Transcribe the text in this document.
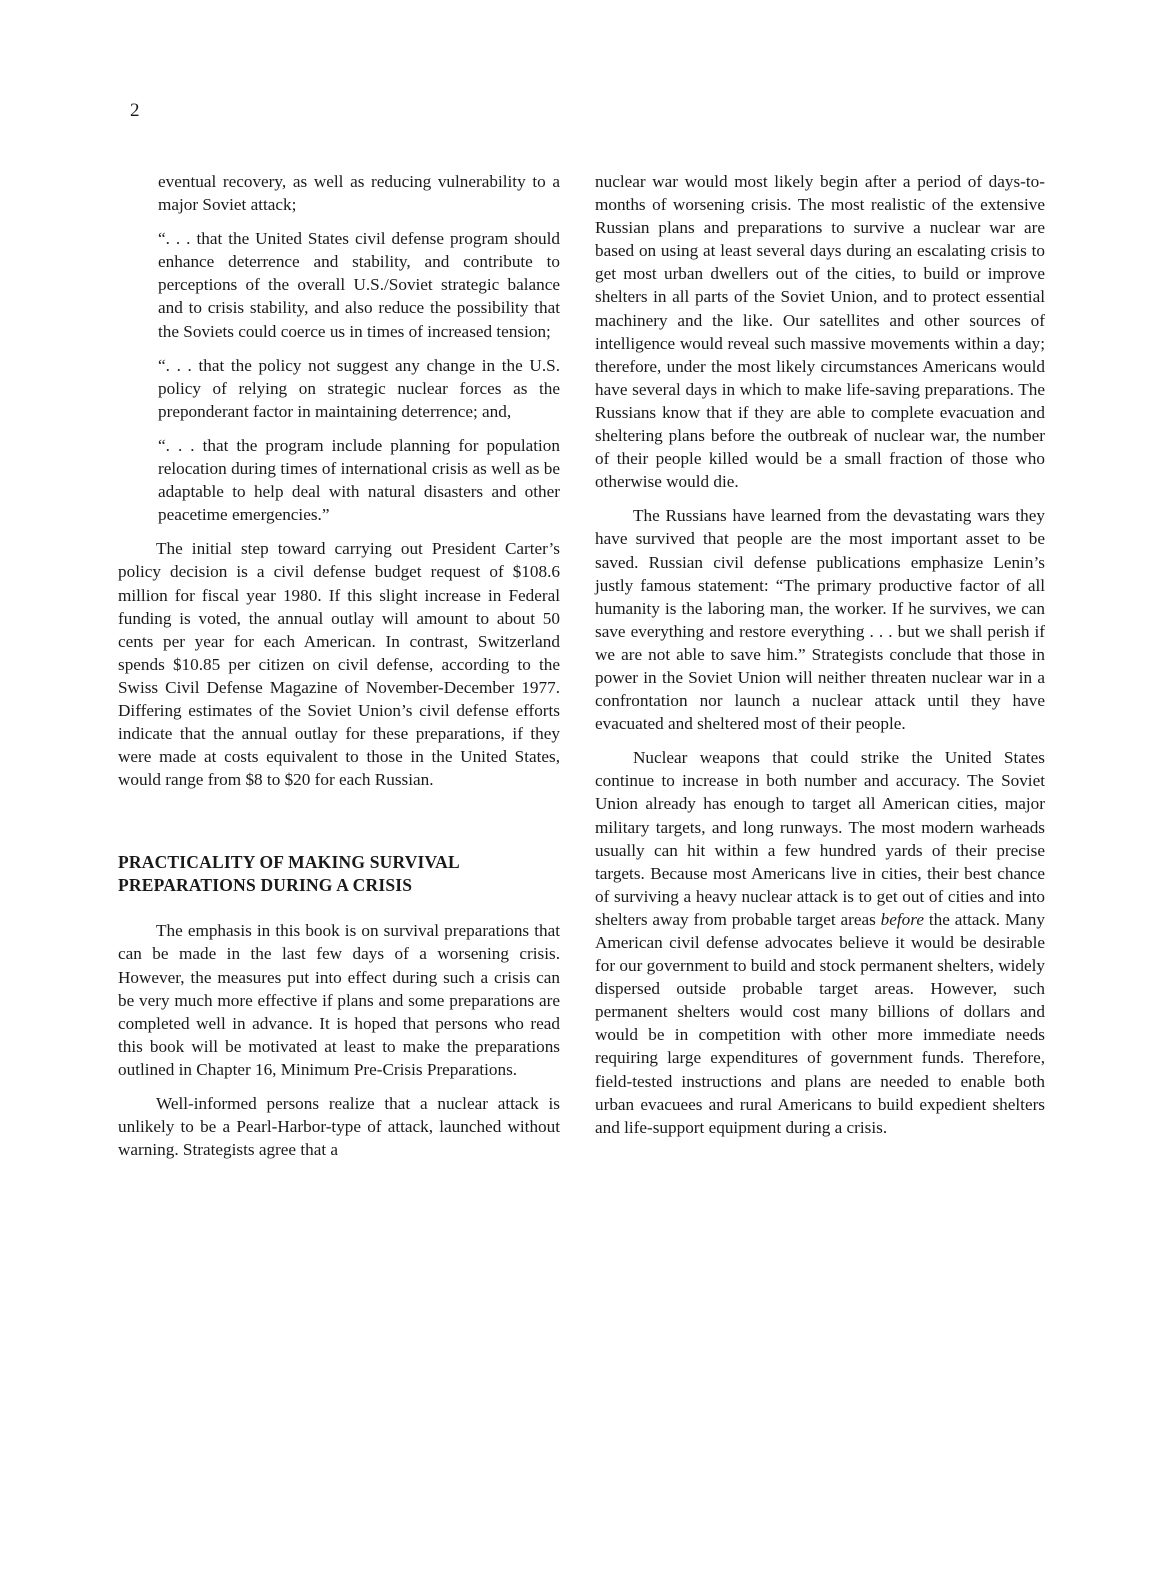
2

eventual recovery, as well as reducing vulnerability to a major Soviet attack;

“. . . that the United States civil defense program should enhance deterrence and stability, and contribute to perceptions of the overall U.S./Soviet strategic balance and to crisis stability, and also reduce the possibility that the Soviets could coerce us in times of increased tension;

“. . . that the policy not suggest any change in the U.S. policy of relying on strategic nuclear forces as the preponderant factor in maintaining deterrence; and,

“. . . that the program include planning for population relocation during times of international crisis as well as be adaptable to help deal with natural disasters and other peacetime emergencies.”

The initial step toward carrying out President Carter’s policy decision is a civil defense budget request of $108.6 million for fiscal year 1980. If this slight increase in Federal funding is voted, the annual outlay will amount to about 50 cents per year for each American. In contrast, Switzerland spends $10.85 per citizen on civil defense, according to the Swiss Civil Defense Magazine of November-December 1977. Differing estimates of the Soviet Union’s civil defense efforts indicate that the annual outlay for these preparations, if they were made at costs equivalent to those in the United States, would range from $8 to $20 for each Russian.

PRACTICALITY OF MAKING SURVIVAL PREPARATIONS DURING A CRISIS

The emphasis in this book is on survival preparations that can be made in the last few days of a worsening crisis. However, the measures put into effect during such a crisis can be very much more effective if plans and some preparations are completed well in advance. It is hoped that persons who read this book will be motivated at least to make the preparations outlined in Chapter 16, Minimum Pre-Crisis Preparations.

Well-informed persons realize that a nuclear attack is unlikely to be a Pearl-Harbor-type of attack, launched without warning. Strategists agree that a

nuclear war would most likely begin after a period of days-to-months of worsening crisis. The most realistic of the extensive Russian plans and preparations to survive a nuclear war are based on using at least several days during an escalating crisis to get most urban dwellers out of the cities, to build or improve shelters in all parts of the Soviet Union, and to protect essential machinery and the like. Our satellites and other sources of intelligence would reveal such massive movements within a day; therefore, under the most likely circumstances Americans would have several days in which to make life-saving preparations. The Russians know that if they are able to complete evacuation and sheltering plans before the outbreak of nuclear war, the number of their people killed would be a small fraction of those who otherwise would die.

The Russians have learned from the devastating wars they have survived that people are the most important asset to be saved. Russian civil defense publications emphasize Lenin’s justly famous statement: “The primary productive factor of all humanity is the laboring man, the worker. If he survives, we can save everything and restore everything . . . but we shall perish if we are not able to save him.” Strategists conclude that those in power in the Soviet Union will neither threaten nuclear war in a confrontation nor launch a nuclear attack until they have evacuated and sheltered most of their people.

Nuclear weapons that could strike the United States continue to increase in both number and accuracy. The Soviet Union already has enough to target all American cities, major military targets, and long runways. The most modern warheads usually can hit within a few hundred yards of their precise targets. Because most Americans live in cities, their best chance of surviving a heavy nuclear attack is to get out of cities and into shelters away from probable target areas before the attack. Many American civil defense advocates believe it would be desirable for our government to build and stock permanent shelters, widely dispersed outside probable target areas. However, such permanent shelters would cost many billions of dollars and would be in competition with other more immediate needs requiring large expenditures of government funds. Therefore, field-tested instructions and plans are needed to enable both urban evacuees and rural Americans to build expedient shelters and life-support equipment during a crisis.
